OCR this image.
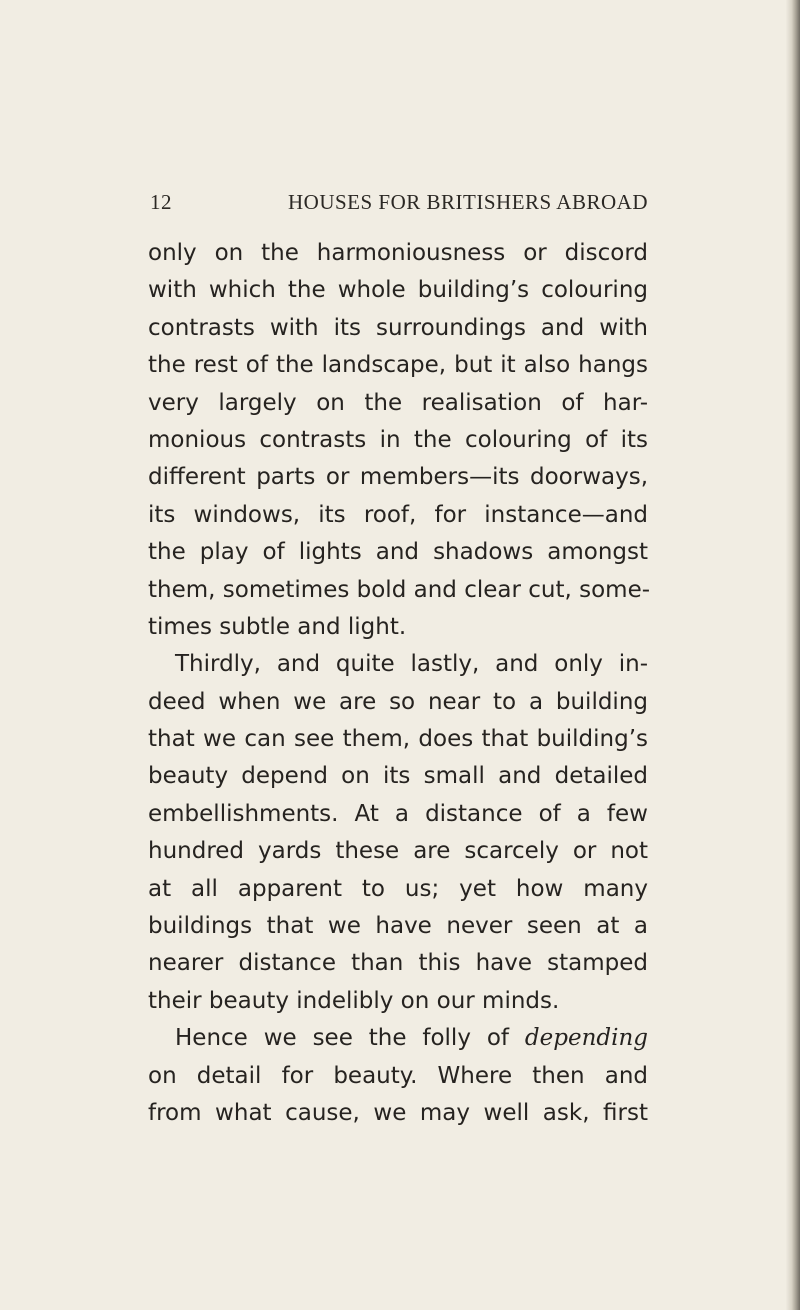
12	HOUSES FOR BRITISHERS ABROAD
only on the harmoniousness or discord
with which the whole building’s colouring
contrasts with its surroundings and with
the rest of the landscape, but it also hangs
very largely on the realisation of har-
monious contrasts in the colouring of its
different parts or members—its doorways,
its windows, its roof, for instance—and
the play of lights and shadows amongst
them, sometimes bold and clear cut, some-
times subtle and light.
Thirdly, and quite lastly, and only in-
deed when we are so near to a building
that we can see them, does that building’s
beauty depend on its small and detailed
embellishments. At a distance of a few
hundred yards these are scarcely or not
at all apparent to us; yet how many
buildings that we have never seen at a
nearer distance than this have stamped
their beauty indelibly on our minds.
Hence we see the folly of depending
on detail for beauty. Where then and
from what cause, we may well ask, first
